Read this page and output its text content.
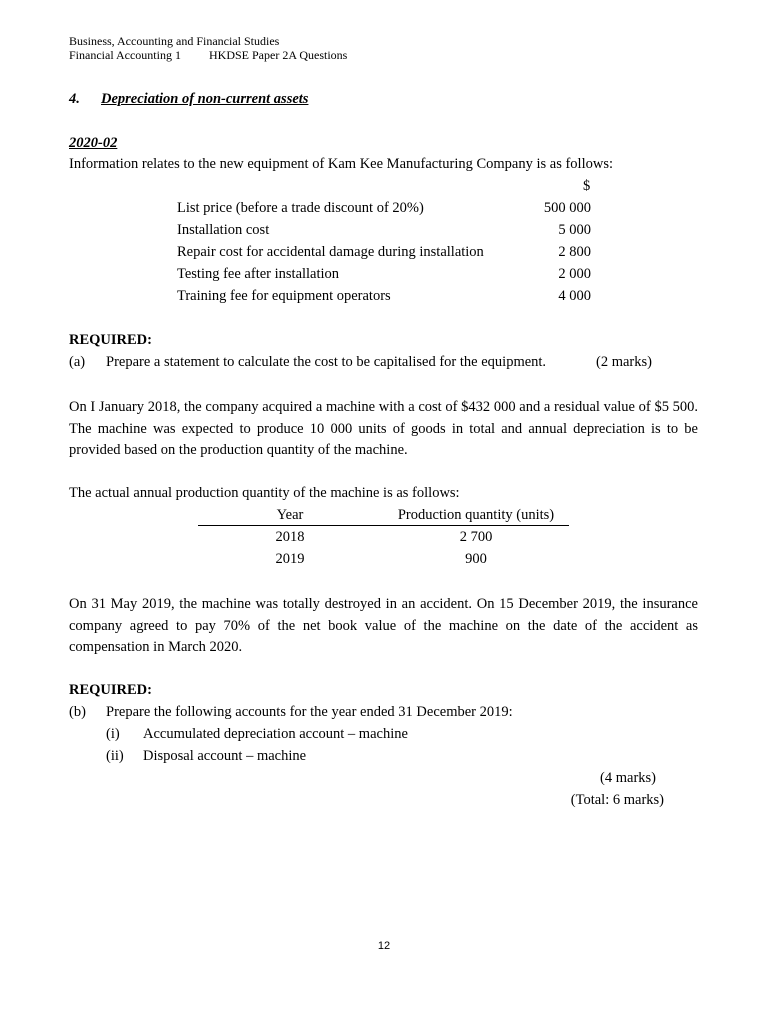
Business, Accounting and Financial Studies
Financial Accounting 1 HKDSE Paper 2A Questions
4. Depreciation of non-current assets
2020-02
Information relates to the new equipment of Kam Kee Manufacturing Company is as follows:
$
List price (before a trade discount of 20%)	500 000
Installation cost	5 000
Repair cost for accidental damage during installation	2 800
Testing fee after installation	2 000
Training fee for equipment operators	4 000
REQUIRED:
(a) Prepare a statement to calculate the cost to be capitalised for the equipment.	(2 marks)
On I January 2018, the company acquired a machine with a cost of $432 000 and a residual value of $5 500. The machine was expected to produce 10 000 units of goods in total and annual depreciation is to be provided based on the production quantity of the machine.
The actual annual production quantity of the machine is as follows:
Year	Production quantity (units)
2018	2 700
2019	900
On 31 May 2019, the machine was totally destroyed in an accident. On 15 December 2019, the insurance company agreed to pay 70% of the net book value of the machine on the date of the accident as compensation in March 2020.
REQUIRED:
(b) Prepare the following accounts for the year ended 31 December 2019:
(i) Accumulated depreciation account – machine
(ii) Disposal account – machine
(4 marks)
(Total: 6 marks)
12
